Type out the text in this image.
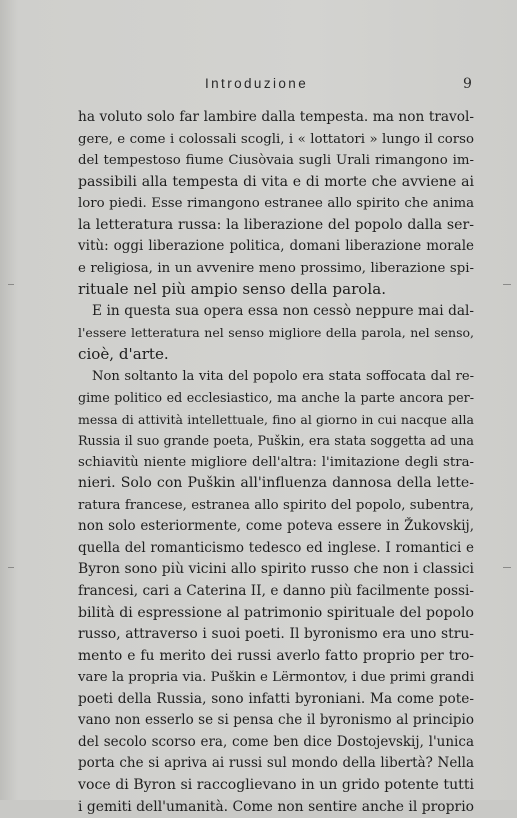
Introduzione	9
ha voluto solo far lambire dalla tempesta. ma non travol-
gere, e come i colossali scogli, i « lottatori » lungo il corso
del tempestoso fiume Ciusòvaia sugli Urali rimangono im-
passibili alla tempesta di vita e di morte che avviene ai
loro piedi. Esse rimangono estranee allo spirito che anima
la letteratura russa: la liberazione del popolo dalla ser-
vitù: oggi liberazione politica, domani liberazione morale
e religiosa, in un avvenire meno prossimo, liberazione spi-
rituale nel più ampio senso della parola.
E in questa sua opera essa non cessò neppure mai dal-
l'essere letteratura nel senso migliore della parola, nel senso,
cioè, d'arte.
Non soltanto la vita del popolo era stata soffocata dal re-
gime politico ed ecclesiastico, ma anche la parte ancora per-
messa di attività intellettuale, fino al giorno in cui nacque alla
Russia il suo grande poeta, Puškin, era stata soggetta ad una
schiavitù niente migliore dell'altra: l'imitazione degli stra-
nieri. Solo con Puškin all'influenza dannosa della lette-
ratura francese, estranea allo spirito del popolo, subentra,
non solo esteriormente, come poteva essere in Žukovskij,
quella del romanticismo tedesco ed inglese. I romantici e
Byron sono più vicini allo spirito russo che non i classici
francesi, cari a Caterina II, e danno più facilmente possi-
bilità di espressione al patrimonio spirituale del popolo
russo, attraverso i suoi poeti. Il byronismo era uno stru-
mento e fu merito dei russi averlo fatto proprio per tro-
vare la propria via. Puškin e Lërmontov, i due primi grandi
poeti della Russia, sono infatti byroniani. Ma come pote-
vano non esserlo se si pensa che il byronismo al principio
del secolo scorso era, come ben dice Dostojevskij, l'unica
porta che si apriva ai russi sul mondo della libertà? Nella
voce di Byron si raccoglievano in un grido potente tutti
i gemiti dell'umanità. Come non sentire anche il proprio
